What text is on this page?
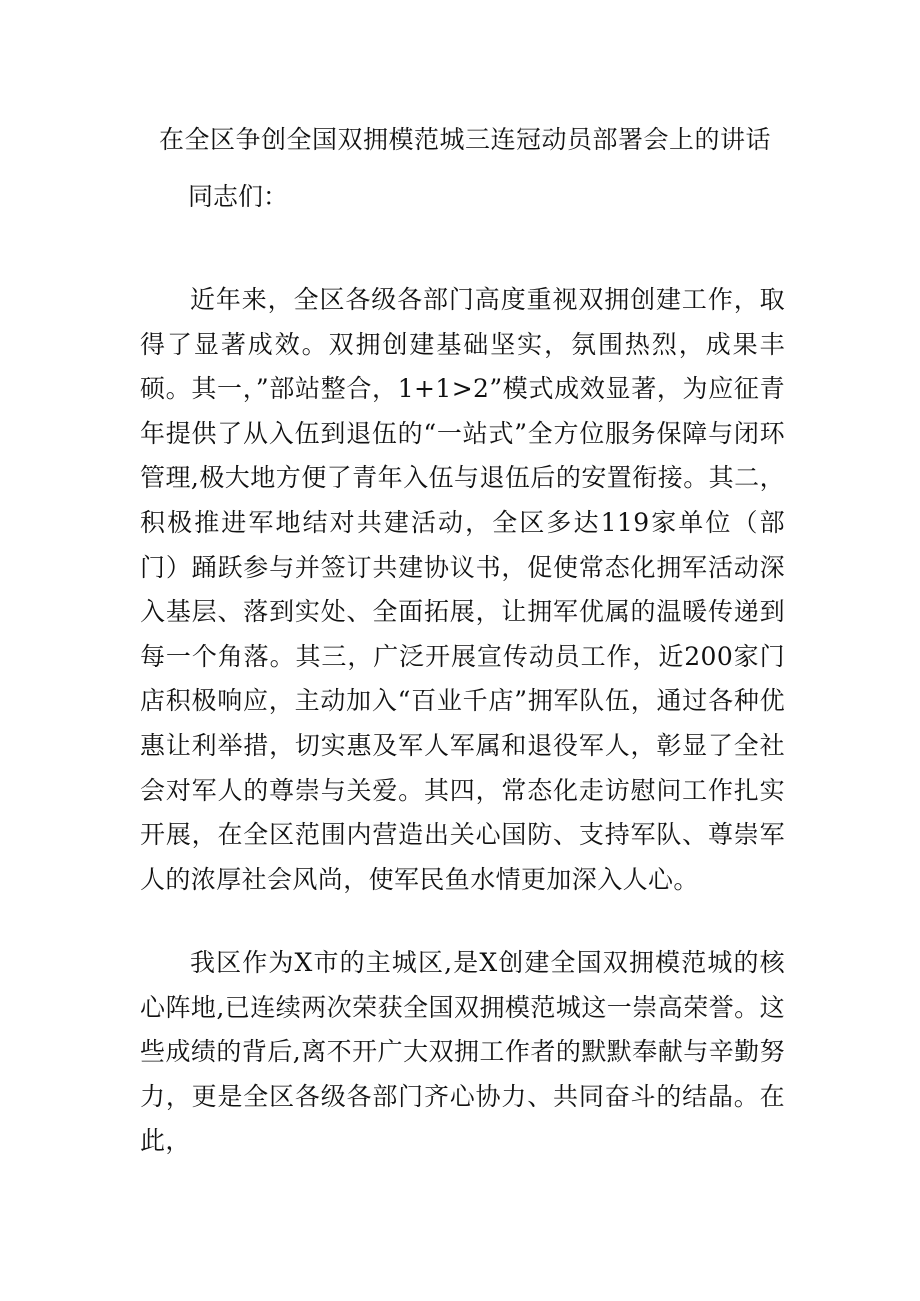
在全区争创全国双拥模范城三连冠动员部署会上的讲话
同志们：

近年来，全区各级各部门高度重视双拥创建工作，取得了显著成效。双拥创建基础坚实，氛围热烈，成果丰硕。其一，”部站整合，1+1>2”模式成效显著，为应征青年提供了从入伍到退伍的“一站式”全方位服务保障与闭环管理,极大地方便了青年入伍与退伍后的安置衔接。其二，积极推进军地结对共建活动，全区多达119家单位（部门）踊跃参与并签订共建协议书，促使常态化拥军活动深入基层、落到实处、全面拓展，让拥军优属的温暖传递到每一个角落。其三，广泛开展宣传动员工作，近200家门店积极响应，主动加入“百业千店”拥军队伍，通过各种优惠让利举措，切实惠及军人军属和退役军人，彰显了全社会对军人的尊崇与关爱。其四，常态化走访慰问工作扎实开展，在全区范围内营造出关心国防、支持军队、尊崇军人的浓厚社会风尚，使军民鱼水情更加深入人心。

我区作为X市的主城区,是X创建全国双拥模范城的核心阵地,已连续两次荣获全国双拥模范城这一崇高荣誉。这些成绩的背后,离不开广大双拥工作者的默默奉献与辛勤努力，更是全区各级各部门齐心协力、共同奋斗的结晶。在此，
